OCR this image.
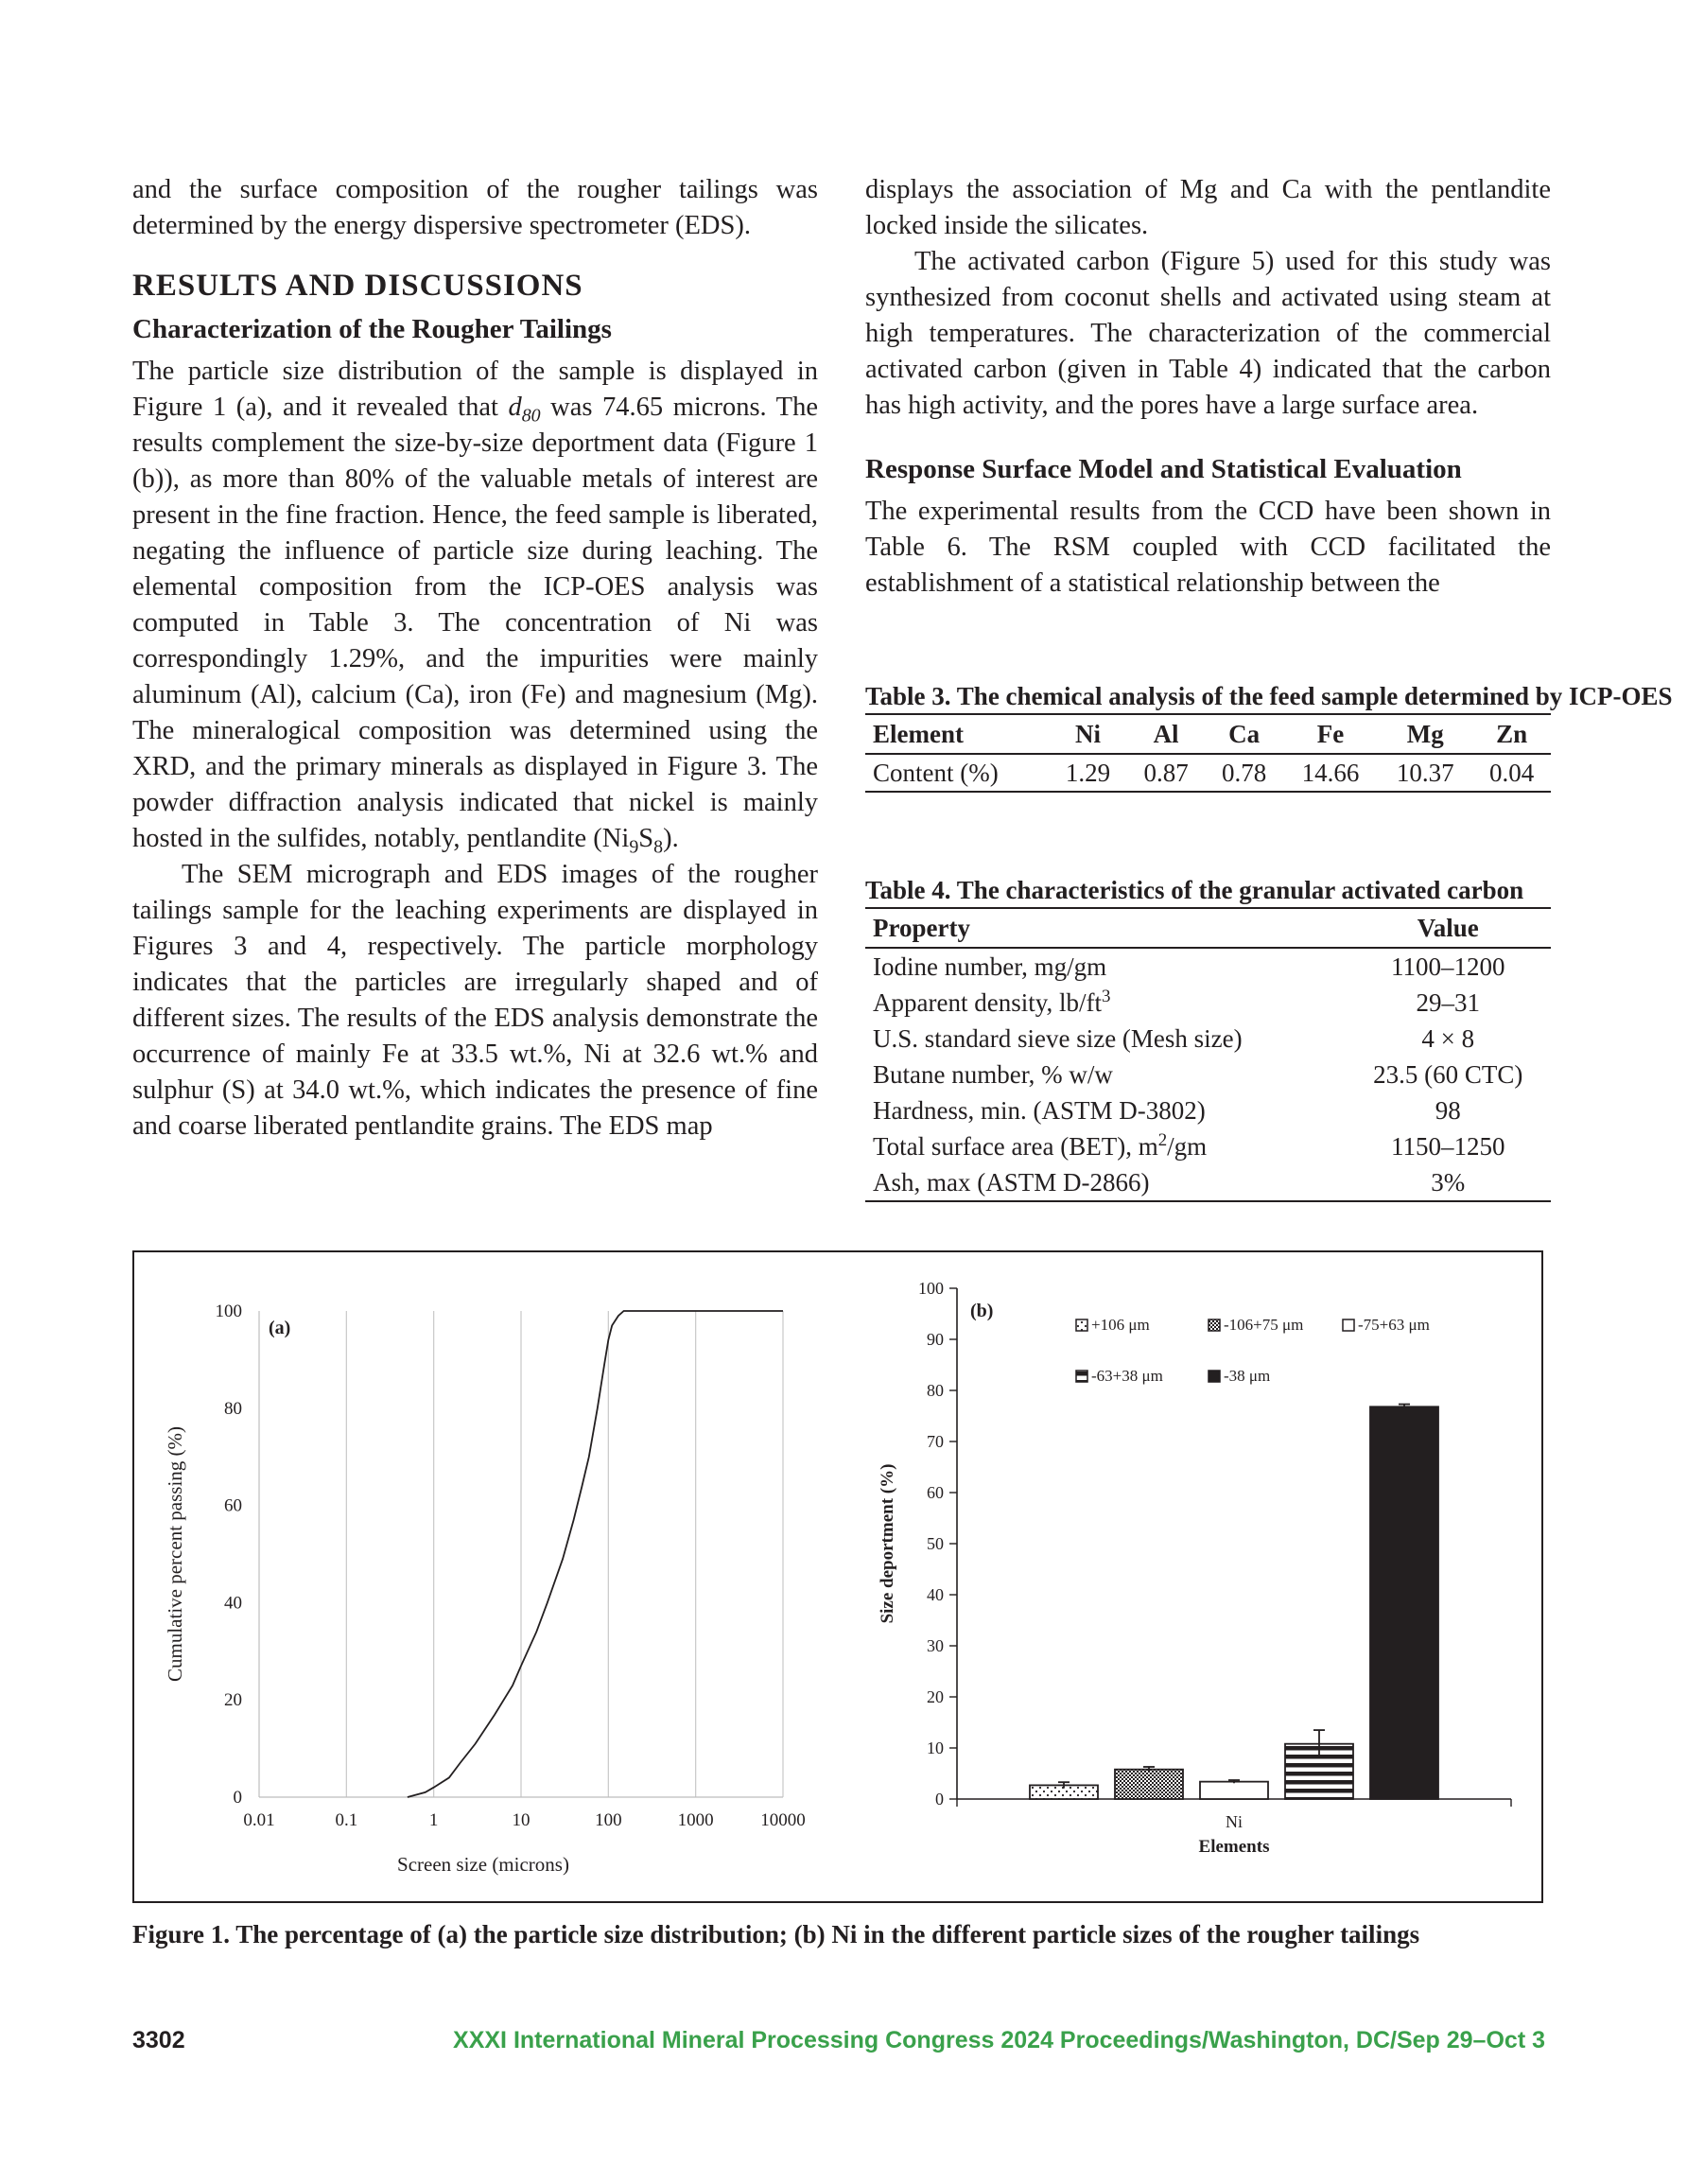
and the surface composition of the rougher tailings was determined by the energy dispersive spectrometer (EDS).

RESULTS AND DISCUSSIONS
Characterization of the Rougher Tailings

The particle size distribution of the sample is displayed in Figure 1 (a), and it revealed that $d_{80}$ was 74.65 microns. The results complement the size-by-size deportment data (Figure 1 (b)), as more than 80% of the valuable metals of interest are present in the fine fraction. Hence, the feed sample is liberated, negating the influence of particle size during leaching. The elemental composition from the ICP-OES analysis was computed in Table 3. The concentration of Ni was correspondingly 1.29%, and the impurities were mainly aluminum (Al), calcium (Ca), iron (Fe) and magnesium (Mg). The mineralogical composition was determined using the XRD, and the primary minerals as displayed in Figure 3. The powder diffraction analysis indicated that nickel is mainly hosted in the sulfides, notably, pentlandite $(Ni_9S_8)$.

The SEM micrograph and EDS images of the rougher tailings sample for the leaching experiments are displayed in Figures 3 and 4, respectively. The particle morphology indicates that the particles are irregularly shaped and of different sizes. The results of the EDS analysis demonstrate the occurrence of mainly Fe at 33.5 wt.%, Ni at 32.6 wt.% and sulphur (S) at 34.0 wt.%, which indicates the presence of fine and coarse liberated pentlandite grains. The EDS map

displays the association of Mg and Ca with the pentlandite locked inside the silicates.

The activated carbon (Figure 5) used for this study was synthesized from coconut shells and activated using steam at high temperatures. The characterization of the commercial activated carbon (given in Table 4) indicated that the carbon has high activity, and the pores have a large surface area.

Response Surface Model and Statistical Evaluation

The experimental results from the CCD have been shown in Table 6. The RSM coupled with CCD facilitated the establishment of a statistical relationship between the

Table 3. The chemical analysis of the feed sample determined by ICP-OES

Element	Ni	Al	Ca	Fe	Mg	Zn
Content (%)	1.29	0.87	0.78	14.66	10.37	0.04

Table 4. The characteristics of the granular activated carbon

Property	Value
Iodine number, mg/gm	1100–1200
Apparent density, $lb/ft^3$	29–31
U.S. standard sieve size (Mesh size)	4 × 8
Butane number, % w/w	23.5 (60 CTC)
Hardness, min. (ASTM D-3802)	98
Total surface area (BET), $m^2/gm$	1150–1250
Ash, max (ASTM D-2866)	3%
0.01	0.1	1	10	100	1000	10000
0
20
40
60
80
100
(a)
Screen size (microns)
Cumulative percent passing (%)
0
10
20
30
40
50
60
70
80
90
100
Ni
Elements
Size deportment (%)
(b)
+106 μm	-106+75 μm	-75+63 μm
-63+38 μm	-38 μm

Figure 1. The percentage of (a) the particle size distribution; (b) Ni in the different particle sizes of the rougher tailings

3302	XXXI International Mineral Processing Congress 2024 Proceedings/Washington, DC/Sep 29–Oct 3
